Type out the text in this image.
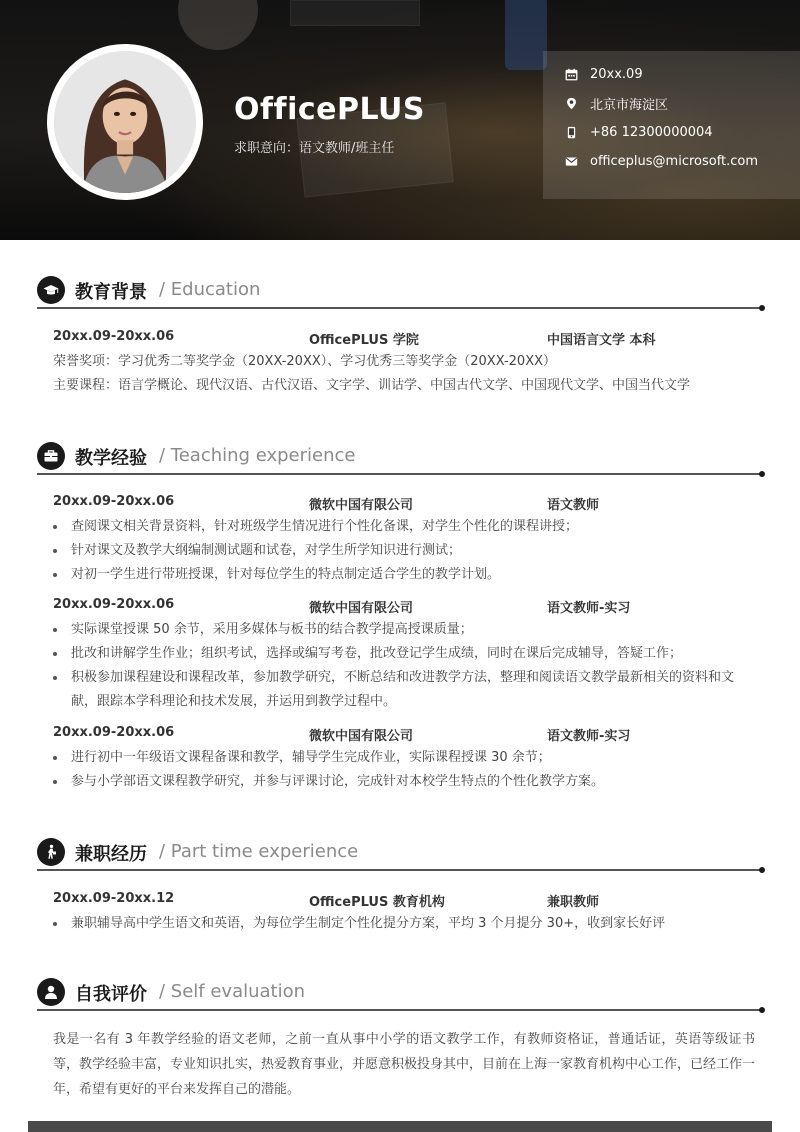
OfficePLUS
求职意向：语文教师/班主任
20xx.09
北京市海淀区
+86 12300000004
officeplus@microsoft.com
教育背景 / Education
20xx.09-20xx.06	OfficePLUS 学院	中国语言文学 本科
荣誉奖项：学习优秀二等奖学金（20XX-20XX）、学习优秀三等奖学金（20XX-20XX）
主要课程：语言学概论、现代汉语、古代汉语、文字学、训诂学、中国古代文学、中国现代文学、中国当代文学
教学经验 / Teaching experience
20xx.09-20xx.06	微软中国有限公司	语文教师
查阅课文相关背景资料，针对班级学生情况进行个性化备课，对学生个性化的课程讲授；
针对课文及教学大纲编制测试题和试卷，对学生所学知识进行测试；
对初一学生进行带班授课，针对每位学生的特点制定适合学生的教学计划。
20xx.09-20xx.06	微软中国有限公司	语文教师-实习
实际课堂授课 50 余节，采用多媒体与板书的结合教学提高授课质量；
批改和讲解学生作业；组织考试，选择或编写考卷，批改登记学生成绩，同时在课后完成辅导，答疑工作；
积极参加课程建设和课程改革，参加教学研究，不断总结和改进教学方法，整理和阅读语文教学最新相关的资料和文献，跟踪本学科理论和技术发展，并运用到教学过程中。
20xx.09-20xx.06	微软中国有限公司	语文教师-实习
进行初中一年级语文课程备课和教学，辅导学生完成作业，实际课程授课 30 余节；
参与小学部语文课程教学研究，并参与评课讨论，完成针对本校学生特点的个性化教学方案。
兼职经历 / Part time experience
20xx.09-20xx.12	OfficePLUS 教育机构	兼职教师
兼职辅导高中学生语文和英语，为每位学生制定个性化提分方案，平均 3 个月提分 30+，收到家长好评
自我评价 / Self evaluation
我是一名有 3 年教学经验的语文老师，之前一直从事中小学的语文教学工作，有教师资格证，普通话证，英语等级证书等，教学经验丰富，专业知识扎实，热爱教育事业，并愿意积极投身其中，目前在上海一家教育机构中心工作，已经工作一年，希望有更好的平台来发挥自己的潜能。
